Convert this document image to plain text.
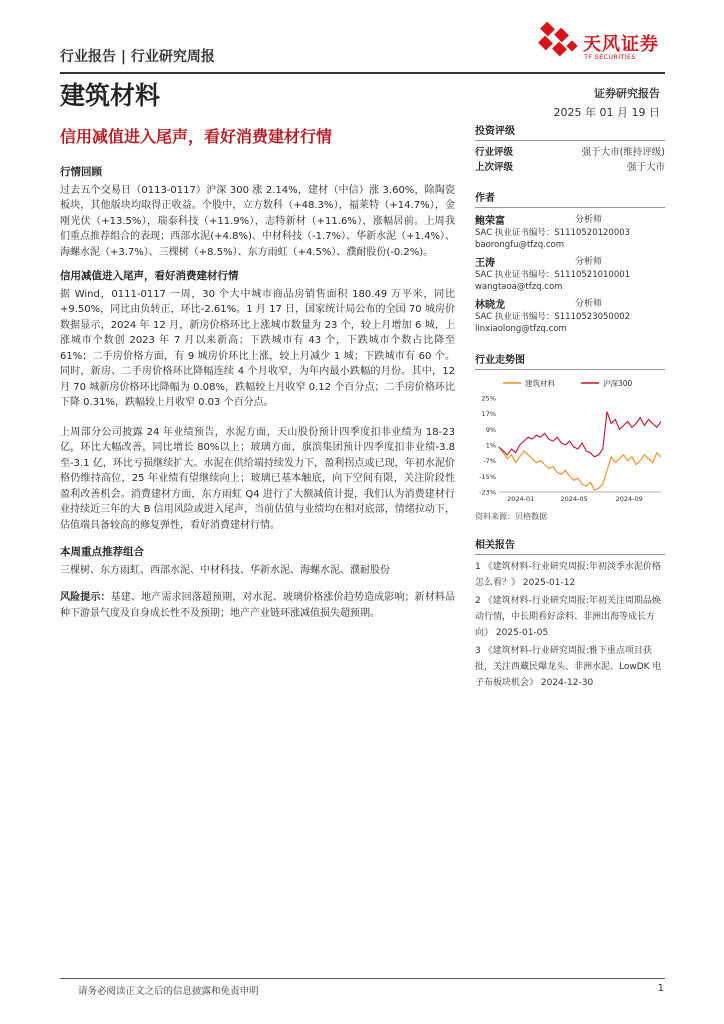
行业报告 | 行业研究周报
建筑材料
天风证券
TF SECURITIES
证券研究报告
2025 年 01 月 19 日
信用减值进入尾声，看好消费建材行情
行情回顾

过去五个交易日（0113-0117）沪深 300 涨 2.14%，建材（中信）涨 3.60%，除陶瓷板块，其他版块均取得正收益。个股中，立方数科（+48.3%），福莱特（+14.7%），金刚光伏（+13.5%），瑞泰科技（+11.9%），志特新材（+11.6%），涨幅居前。上周我们重点推荐组合的表现；西部水泥(+4.8%)、中材科技（-1.7%）、华新水泥（+1.4%）、海螺水泥（+3.7%）、三棵树（+8.5%）、东方雨虹（+4.5%）、濮耐股份(-0.2%)。

信用减值进入尾声，看好消费建材行情

据 Wind，0111-0117 一周，30 个大中城市商品房销售面积 180.49 万平米，同比+9.50%，同比由负转正，环比-2.61%。1 月 17 日，国家统计局公布的全国 70 城房价数据显示，2024 年 12 月，新房价格环比上涨城市数量为 23 个，较上月增加 6 城，上涨城市个数创 2023 年 7 月以来新高；下跌城市有 43 个，下跌城市个数占比降至 61%；二手房价格方面，有 9 城房价环比上涨，较上月减少 1 城；下跌城市有 60 个。同时，新房、二手房价格环比降幅连续 4 个月收窄，为年内最小跌幅的月份。其中，12 月 70 城新房价格环比降幅为 0.08%，跌幅较上月收窄 0.12 个百分点；二手房价格环比下降 0.31%，跌幅较上月收窄 0.03 个百分点。

上周部分公司披露 24 年业绩预告，水泥方面，天山股份预计四季度扣非业绩为 18-23 亿，环比大幅改善，同比增长 80%以上；玻璃方面，旗滨集团预计四季度扣非业绩-3.8 至-3.1 亿，环比亏损继续扩大。水泥在供给端持续发力下，盈利拐点或已现，年初水泥价格仍维持高位，25 年业绩有望继续向上；玻璃已基本触底，向下空间有限，关注阶段性盈利改善机会。消费建材方面，东方雨虹 Q4 进行了大额减值计提，我们认为消费建材行业持续近三年的大 B 信用风险或进入尾声，当前估值与业绩均在相对底部，情绪拉动下，估值端具备较高的修复弹性，看好消费建材行情。

本周重点推荐组合

三棵树、东方雨虹、西部水泥、中材科技、华新水泥、海螺水泥、濮耐股份

风险提示：基建、地产需求回落超预期，对水泥、玻璃价格涨价趋势造成影响；新材料品种下游景气度及自身成长性不及预期；地产产业链环涨减值损失超预期。

投资评级
行业评级	强于大市(维持评级)
上次评级	强于大市
作者
鲍荣富	分析师
SAC 执业证书编号：S1110520120003
baorongfu@tfzq.com
王涛	分析师
SAC 执业证书编号：S1110521010001
wangtaoa@tfzq.com
林晓龙	分析师
SAC 执业证书编号：S1110523050002
linxiaolong@tfzq.com
行业走势图
建筑材料	沪深300
25%
17%
9%
1%
-7%
-15%
-23%
2024-01	2024-05	2024-09
资料来源：贝格数据
相关报告
1 《建筑材料-行业研究周报:年初淡季水泥价格怎么看？》 2025-01-12
2 《建筑材料-行业研究周报:年初关注周期品焕动行情，中长期看好涂料、非洲出海等成长方向》 2025-01-05
3 《建筑材料-行业研究周报:雅下重点项目获批，关注西藏民爆龙头、非洲水泥、LowDK 电子布板块机会》 2024-12-30
请务必阅读正文之后的信息披露和免责申明	1
